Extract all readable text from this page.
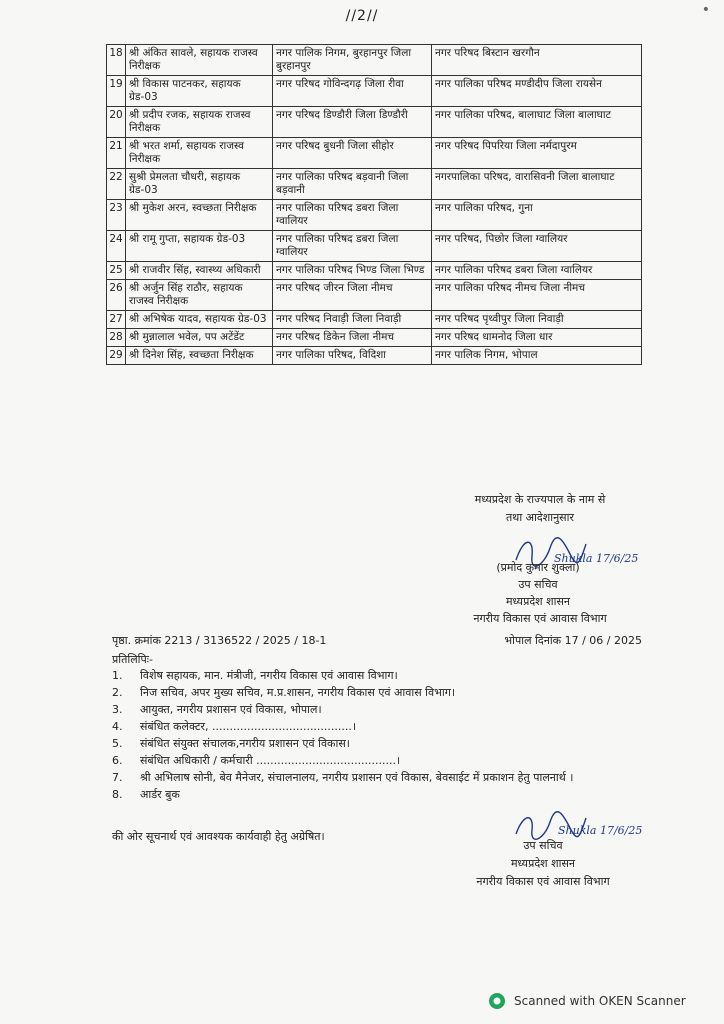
//2//	•
18	श्री अंकित सावले, सहायक राजस्व निरीक्षक	नगर पालिक निगम, बुरहानपुर जिला बुरहानपुर	नगर परिषद बिस्टान खरगौन
19	श्री विकास पाटनकर, सहायक ग्रेड-03	नगर परिषद गोविन्दगढ़ जिला रीवा	नगर पालिका परिषद मण्डीदीप जिला रायसेन
20	श्री प्रदीप रजक, सहायक राजस्व निरीक्षक	नगर परिषद डिण्डौरी जिला डिण्डौरी	नगर पालिका परिषद, बालाघाट जिला बालाघाट
21	श्री भरत शर्मा, सहायक राजस्व निरीक्षक	नगर परिषद बुधनी जिला सीहोर	नगर परिषद पिपरिया जिला नर्मदापुरम
22	सुश्री प्रेमलता चौधरी, सहायक ग्रेड-03	नगर पालिका परिषद बड़वानी जिला बड़वानी	नगरपालिका परिषद, वारासिवनी जिला बालाघाट
23	श्री मुकेश अरन, स्वच्छता निरीक्षक	नगर पालिका परिषद डबरा जिला ग्वालियर	नगर पालिका परिषद, गुना
24	श्री रामू गुप्ता, सहायक ग्रेड-03	नगर पालिका परिषद डबरा जिला ग्वालियर	नगर परिषद, पिछोर जिला ग्वालियर
25	श्री राजवीर सिंह, स्वास्थ्य अधिकारी	नगर पालिका परिषद भिण्ड जिला भिण्ड	नगर पालिका परिषद डबरा जिला ग्वालियर
26	श्री अर्जुन सिंह राठौर, सहायक राजस्व निरीक्षक	नगर परिषद जीरन जिला नीमच	नगर पालिका परिषद नीमच जिला नीमच
27	श्री अभिषेक यादव, सहायक ग्रेड-03	नगर परिषद निवाड़ी जिला निवाड़ी	नगर परिषद पृथ्वीपुर जिला निवाड़ी
28	श्री मुन्नालाल भवेल, पप अटेंडेंट	नगर परिषद डिकेन जिला नीमच	नगर परिषद धामनोद जिला धार
29	श्री दिनेश सिंह, स्वच्छता निरीक्षक	नगर पालिका परिषद, विदिशा	नगर पालिक निगम, भोपाल
मध्यप्रदेश के राज्यपाल के नाम से
तथा आदेशानुसार
Shukla 17/6/25
(प्रमोद कुमार शुक्ला)
उप सचिव
मध्यप्रदेश शासन
नगरीय विकास एवं आवास विभाग
पृष्ठा. क्रमांक 2213 / 3136522 / 2025 / 18-1	भोपाल दिनांक 17 / 06 / 2025
प्रतिलिपिः-
1.	विशेष सहायक, मान. मंत्रीजी, नगरीय विकास एवं आवास विभाग।
2.	निज सचिव, अपर मुख्य सचिव, म.प्र.शासन, नगरीय विकास एवं आवास विभाग।
3.	आयुक्त, नगरीय प्रशासन एवं विकास, भोपाल।
4.	संबंधित कलेक्टर, ........................................।
5.	संबंधित संयुक्त संचालक,नगरीय प्रशासन एवं विकास।
6.	संबंधित अधिकारी / कर्मचारी ........................................।
7.	श्री अभिलाष सोनी, बेव मैनेजर, संचालनालय, नगरीय प्रशासन एवं विकास, बेवसाईट में प्रकाशन हेतु पालनार्थ ।
8.	आर्डर बुक
की ओर सूचनार्थ एवं आवश्यक कार्यवाही हेतु अग्रेषित।	Shukla 17/6/25
उप सचिव
मध्यप्रदेश शासन
नगरीय विकास एवं आवास विभाग
Scanned with OKEN Scanner
